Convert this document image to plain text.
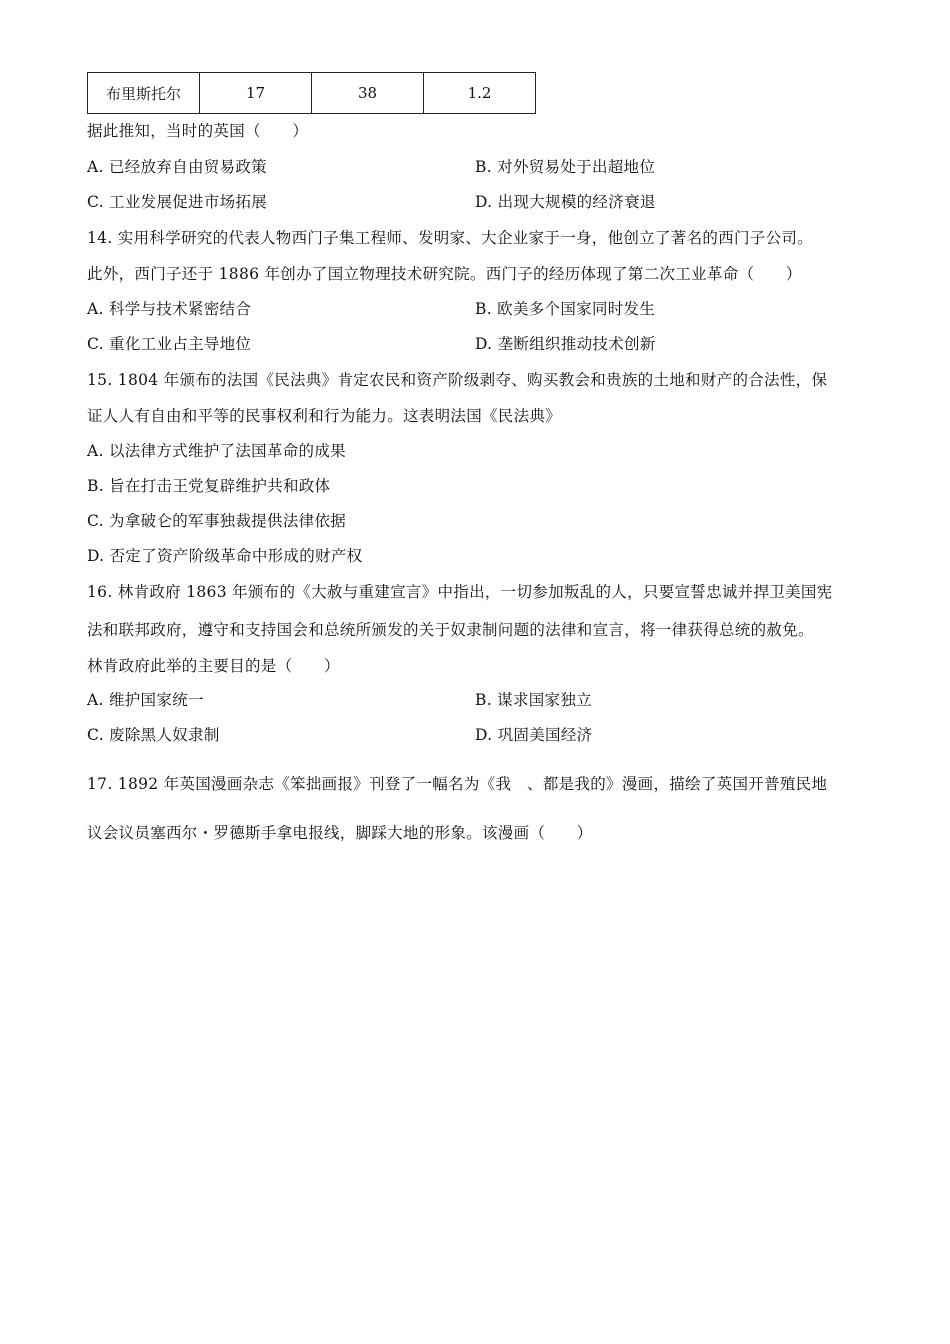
布里斯托尔	17	38	1.2
据此推知，当时的英国（　　）
A. 已经放弃自由贸易政策	B. 对外贸易处于出超地位
C. 工业发展促进市场拓展	D. 出现大规模的经济衰退
14. 实用科学研究的代表人物西门子集工程师、发明家、大企业家于一身，他创立了著名的西门子公司。
此外，西门子还于 1886 年创办了国立物理技术研究院。西门子的经历体现了第二次工业革命（　　）
A. 科学与技术紧密结合	B. 欧美多个国家同时发生
C. 重化工业占主导地位	D. 垄断组织推动技术创新
15. 1804 年颁布的法国《民法典》肯定农民和资产阶级剥夺、购买教会和贵族的土地和财产的合法性，保
证人人有自由和平等的民事权利和行为能力。这表明法国《民法典》
A. 以法律方式维护了法国革命的成果
B. 旨在打击王党复辟维护共和政体
C. 为拿破仑的军事独裁提供法律依据
D. 否定了资产阶级革命中形成的财产权
16. 林肯政府 1863 年颁布的《大赦与重建宣言》中指出，一切参加叛乱的人，只要宣誓忠诚并捍卫美国宪
法和联邦政府，遵守和支持国会和总统所颁发的关于奴隶制问题的法律和宣言，将一律获得总统的赦免。
林肯政府此举的主要目的是（　　）
A. 维护国家统一	B. 谋求国家独立
C. 废除黑人奴隶制	D. 巩固美国经济
17. 1892 年英国漫画杂志《笨拙画报》刊登了一幅名为《我　、都是我的》漫画，描绘了英国开普殖民地
议会议员塞西尔・罗德斯手拿电报线，脚踩大地的形象。该漫画（　　）
